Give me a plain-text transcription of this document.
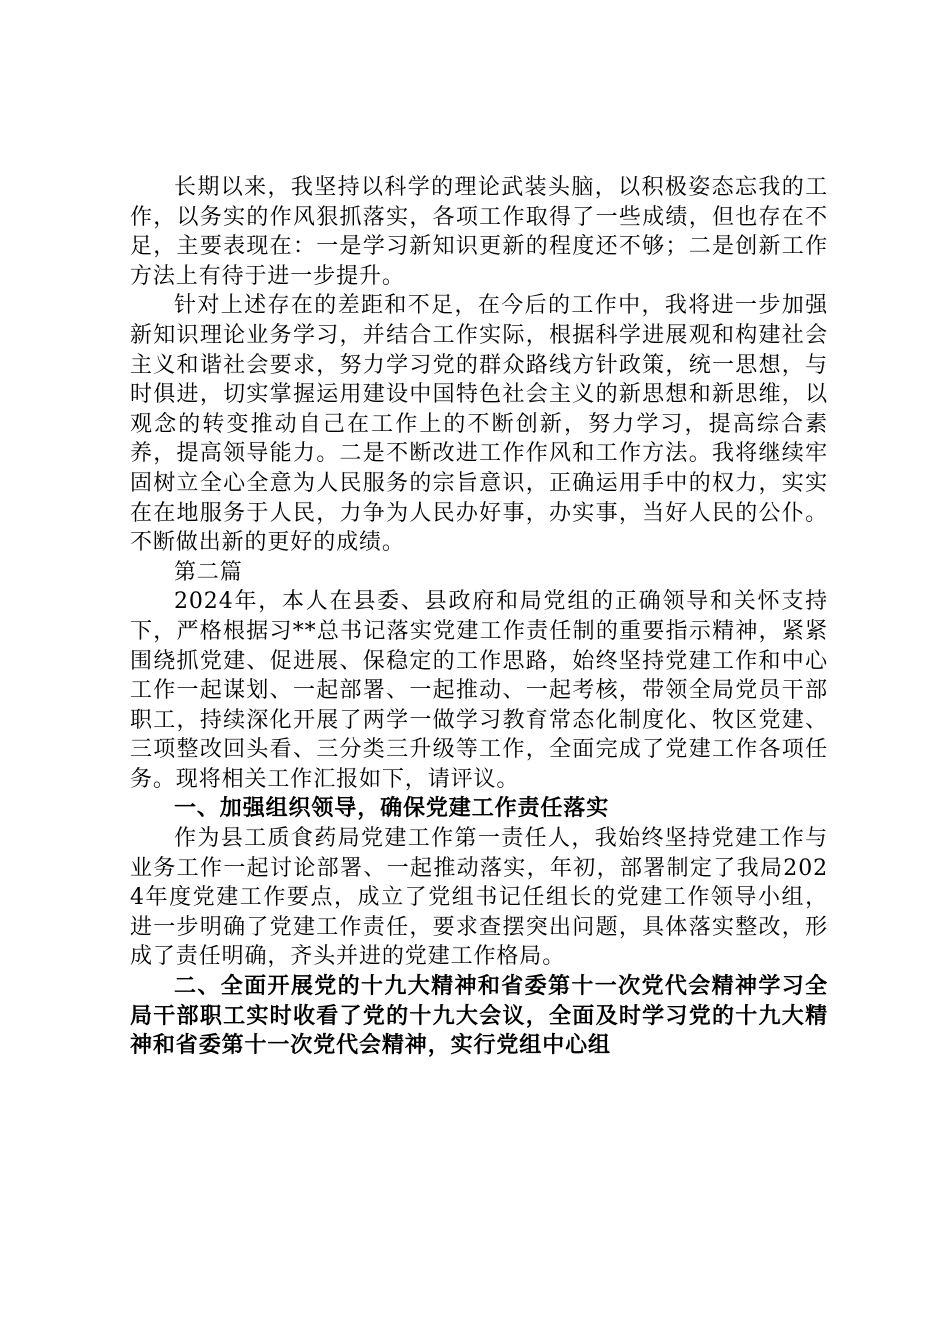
长期以来，我坚持以科学的理论武装头脑，以积极姿态忘我的工作，以务实的作风狠抓落实，各项工作取得了一些成绩，但也存在不足，主要表现在：一是学习新知识更新的程度还不够；二是创新工作方法上有待于进一步提升。

针对上述存在的差距和不足，在今后的工作中，我将进一步加强新知识理论业务学习，并结合工作实际，根据科学进展观和构建社会主义和谐社会要求，努力学习党的群众路线方针政策，统一思想，与时俱进，切实掌握运用建设中国特色社会主义的新思想和新思维，以观念的转变推动自己在工作上的不断创新，努力学习，提高综合素养，提高领导能力。二是不断改进工作作风和工作方法。我将继续牢固树立全心全意为人民服务的宗旨意识，正确运用手中的权力，实实在在地服务于人民，力争为人民办好事，办实事，当好人民的公仆。不断做出新的更好的成绩。

第二篇

2024年，本人在县委、县政府和局党组的正确领导和关怀支持下，严格根据习**总书记落实党建工作责任制的重要指示精神，紧紧围绕抓党建、促进展、保稳定的工作思路，始终坚持党建工作和中心工作一起谋划、一起部署、一起推动、一起考核，带领全局党员干部职工，持续深化开展了两学一做学习教育常态化制度化、牧区党建、三项整改回头看、三分类三升级等工作，全面完成了党建工作各项任务。现将相关工作汇报如下，请评议。

一、加强组织领导，确保党建工作责任落实

作为县工质食药局党建工作第一责任人，我始终坚持党建工作与业务工作一起讨论部署、一起推动落实，年初，部署制定了我局2024年度党建工作要点，成立了党组书记任组长的党建工作领导小组，进一步明确了党建工作责任，要求查摆突出问题，具体落实整改，形成了责任明确，齐头并进的党建工作格局。

二、全面开展党的十九大精神和省委第十一次党代会精神学习全局干部职工实时收看了党的十九大会议，全面及时学习党的十九大精神和省委第十一次党代会精神，实行党组中心组
